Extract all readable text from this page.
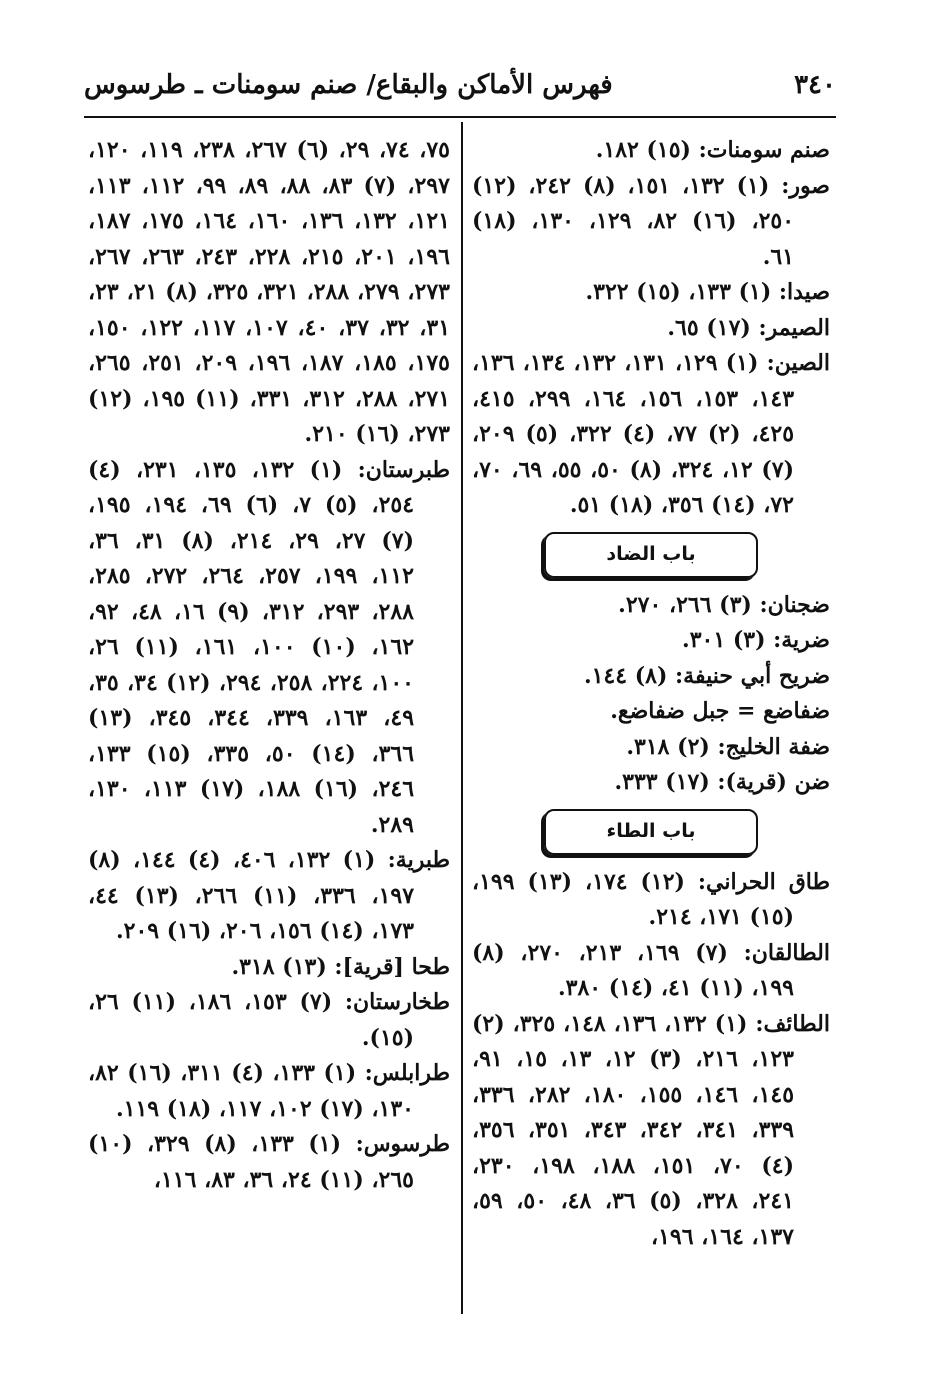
٣٤٠
فهرس الأماكن والبقاع/ صنم سومنات ـ طرسوس

صنم سومنات: (١٥) ١٨٢.

صور: (١) ١٣٢، ١٥١، (٨) ٢٤٢، (١٢) ٢٥٠، (١٦) ٨٢، ١٢٩، ١٣٠، (١٨) ٦١.

صيدا: (١) ١٣٣، (١٥) ٣٢٢.

الصيمر: (١٧) ٦٥.

الصين: (١) ١٢٩، ١٣١، ١٣٢، ١٣٤، ١٣٦، ١٤٣، ١٥٣، ١٥٦، ١٦٤، ٢٩٩، ٤١٥، ٤٢٥، (٢) ٧٧، (٤) ٣٢٢، (٥) ٢٠٩، (٧) ١٢، ٣٢٤، (٨) ٥٠، ٥٥، ٦٩، ٧٠، ٧٢، (١٤) ٣٥٦، (١٨) ٥١.

باب الضاد

ضجنان: (٣) ٢٦٦، ٢٧٠.

ضرية: (٣) ٣٠١.

ضريح أبي حنيفة: (٨) ١٤٤.

ضفاضع = جبل ضفاضع.

ضفة الخليج: (٢) ٣١٨.

ضن (قرية): (١٧) ٣٣٣.

باب الطاء

طاق الحراني: (١٢) ١٧٤، (١٣) ١٩٩، (١٥) ١٧١، ٢١٤.

الطالقان: (٧) ١٦٩، ٢١٣، ٢٧٠، (٨) ١٩٩، (١١) ٤١، (١٤) ٣٨٠.

الطائف: (١) ١٣٢، ١٣٦، ١٤٨، ٣٢٥، (٢) ١٢٣، ٢١٦، (٣) ١٢، ١٣، ١٥، ٩١، ١٤٥، ١٤٦، ١٥٥، ١٨٠، ٢٨٢، ٣٣٦، ٣٣٩، ٣٤١، ٣٤٢، ٣٤٣، ٣٥١، ٣٥٦، (٤) ٧٠، ١٥١، ١٨٨، ١٩٨، ٢٣٠، ٢٤١، ٣٢٨، (٥) ٣٦، ٤٨، ٥٠، ٥٩، ١٣٧، ١٦٤، ١٩٦،

٧٥، ٧٤، ٢٩، (٦) ٢٦٧، ٢٣٨، ١١٩، ١٢٠، ٢٩٧، (٧) ٨٣، ٨٨، ٨٩، ٩٩، ١١٢، ١١٣، ١٢١، ١٣٢، ١٣٦، ١٦٠، ١٦٤، ١٧٥، ١٨٧، ١٩٦، ٢٠١، ٢١٥، ٢٢٨، ٢٤٣، ٢٦٣، ٢٦٧، ٢٧٣، ٢٧٩، ٢٨٨، ٣٢١، ٣٢٥، (٨) ٢١، ٢٣، ٣١، ٣٢، ٣٧، ٤٠، ١٠٧، ١١٧، ١٢٢، ١٥٠، ١٧٥، ١٨٥، ١٨٧، ١٩٦، ٢٠٩، ٢٥١، ٢٦٥، ٢٧١، ٢٨٨، ٣١٢، ٣٣١، (١١) ١٩٥، (١٢) ٢٧٣، (١٦) ٢١٠.

طبرستان: (١) ١٣٢، ١٣٥، ٢٣١، (٤) ٢٥٤، (٥) ٧، (٦) ٦٩، ١٩٤، ١٩٥، (٧) ٢٧، ٢٩، ٢١٤، (٨) ٣١، ٣٦، ١١٢، ١٩٩، ٢٥٧، ٢٦٤، ٢٧٢، ٢٨٥، ٢٨٨، ٢٩٣، ٣١٢، (٩) ١٦، ٤٨، ٩٢، ١٦٢، (١٠) ١٠٠، ١٦١، (١١) ٢٦، ١٠٠، ٢٢٤، ٢٥٨، ٢٩٤، (١٢) ٣٤، ٣٥، ٤٩، ١٦٣، ٣٣٩، ٣٤٤، ٣٤٥، (١٣) ٣٦٦، (١٤) ٥٠، ٣٣٥، (١٥) ١٣٣، ٢٤٦، (١٦) ١٨٨، (١٧) ١١٣، ١٣٠، ٢٨٩.

طبرية: (١) ١٣٢، ٤٠٦، (٤) ١٤٤، (٨) ١٩٧، ٣٣٦، (١١) ٢٦٦، (١٣) ٤٤، ١٧٣، (١٤) ١٥٦، ٢٠٦، (١٦) ٢٠٩.

طحا [قرية]: (١٣) ٣١٨.

طخارستان: (٧) ١٥٣، ١٨٦، (١١) ٢٦، (١٥).

طرابلس: (١) ١٣٣، (٤) ٣١١، (١٦) ٨٢، ١٣٠، (١٧) ١٠٢، ١١٧، (١٨) ١١٩.

طرسوس: (١) ١٣٣، (٨) ٣٢٩، (١٠) ٢٦٥، (١١) ٢٤، ٣٦، ٨٣، ١١٦،
